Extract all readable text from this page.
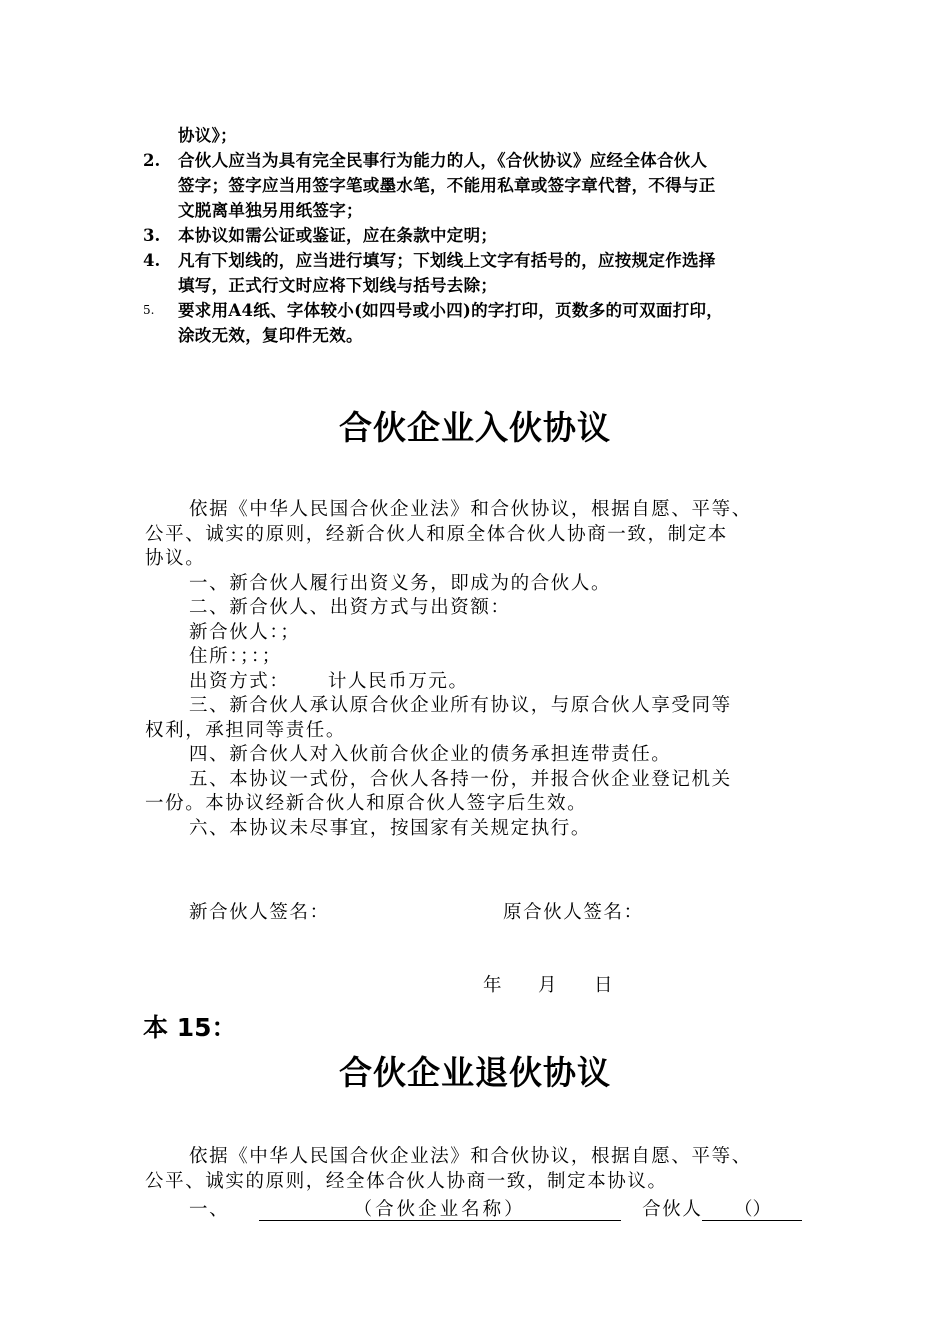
协议》；
2.	合伙人应当为具有完全民事行为能力的人，《合伙协议》应经全体合伙人
签字；签字应当用签字笔或墨水笔，不能用私章或签字章代替，不得与正
文脱离单独另用纸签字；
3.	本协议如需公证或鉴证，应在条款中定明；
4.	凡有下划线的，应当进行填写；下划线上文字有括号的，应按规定作选择
填写，正式行文时应将下划线与括号去除；
5.	要求用A4纸、字体较小(如四号或小四)的字打印，页数多的可双面打印，
涂改无效，复印件无效。
合伙企业入伙协议
依据《中华人民国合伙企业法》和合伙协议，根据自愿、平等、
公平、诚实的原则，经新合伙人和原全体合伙人协商一致，制定本
协议。
一、新合伙人履行出资义务，即成为的合伙人。
二、新合伙人、出资方式与出资额：
新合伙人：；
住所：；：；
出资方式：　　 计人民币万元。
三、新合伙人承认原合伙企业所有协议，与原合伙人享受同等
权利，承担同等责任。
四、新合伙人对入伙前合伙企业的债务承担连带责任。
五、本协议一式份，合伙人各持一份，并报合伙企业登记机关
一份。本协议经新合伙人和原合伙人签字后生效。
六、本协议未尽事宜，按国家有关规定执行。
新合伙人签名：	原合伙人签名：
年 月 日
本 15：
合伙企业退伙协议
依据《中华人民国合伙企业法》和合伙协议，根据自愿、平等、
公平、诚实的原则，经全体合伙人协商一致，制定本协议。
一、	（合伙企业名称）	合伙人 （）
